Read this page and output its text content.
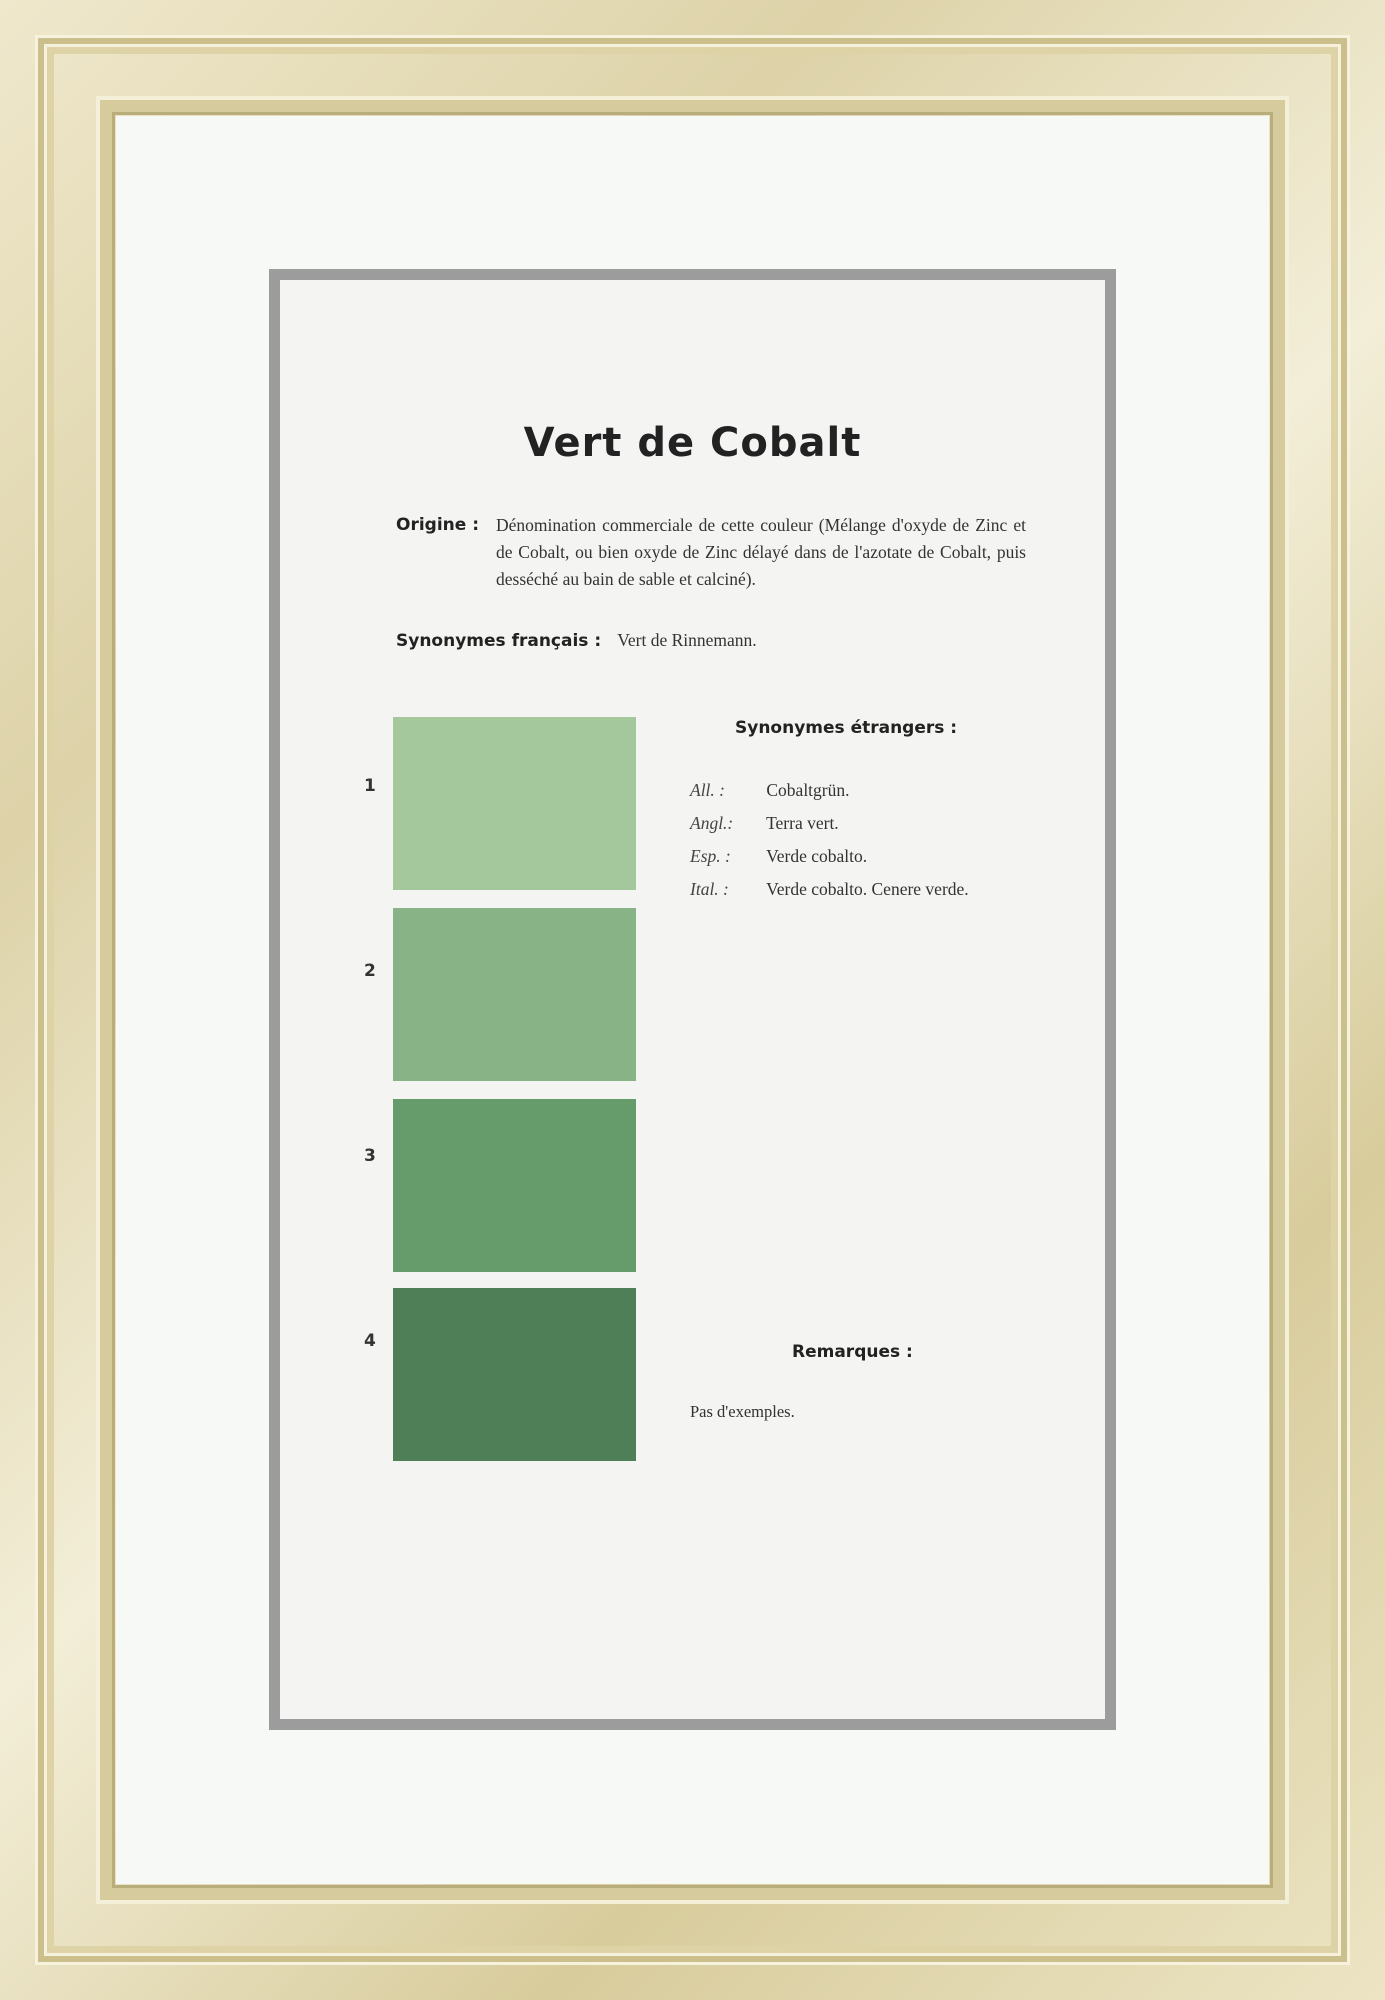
Vert de Cobalt
Origine : Dénomination commerciale de cette couleur (Mélange d'oxyde de Zinc et de Cobalt, ou bien oxyde de Zinc délayé dans de l'azotate de Cobalt, puis desséché au bain de sable et calciné).
Synonymes français : Vert de Rinnemann.
1
2
3
4
Synonymes étrangers :
All. : Cobaltgrün.
Angl.: Terra vert.
Esp. : Verde cobalto.
Ital. : Verde cobalto. Cenere verde.
Remarques :
Pas d'exemples.
